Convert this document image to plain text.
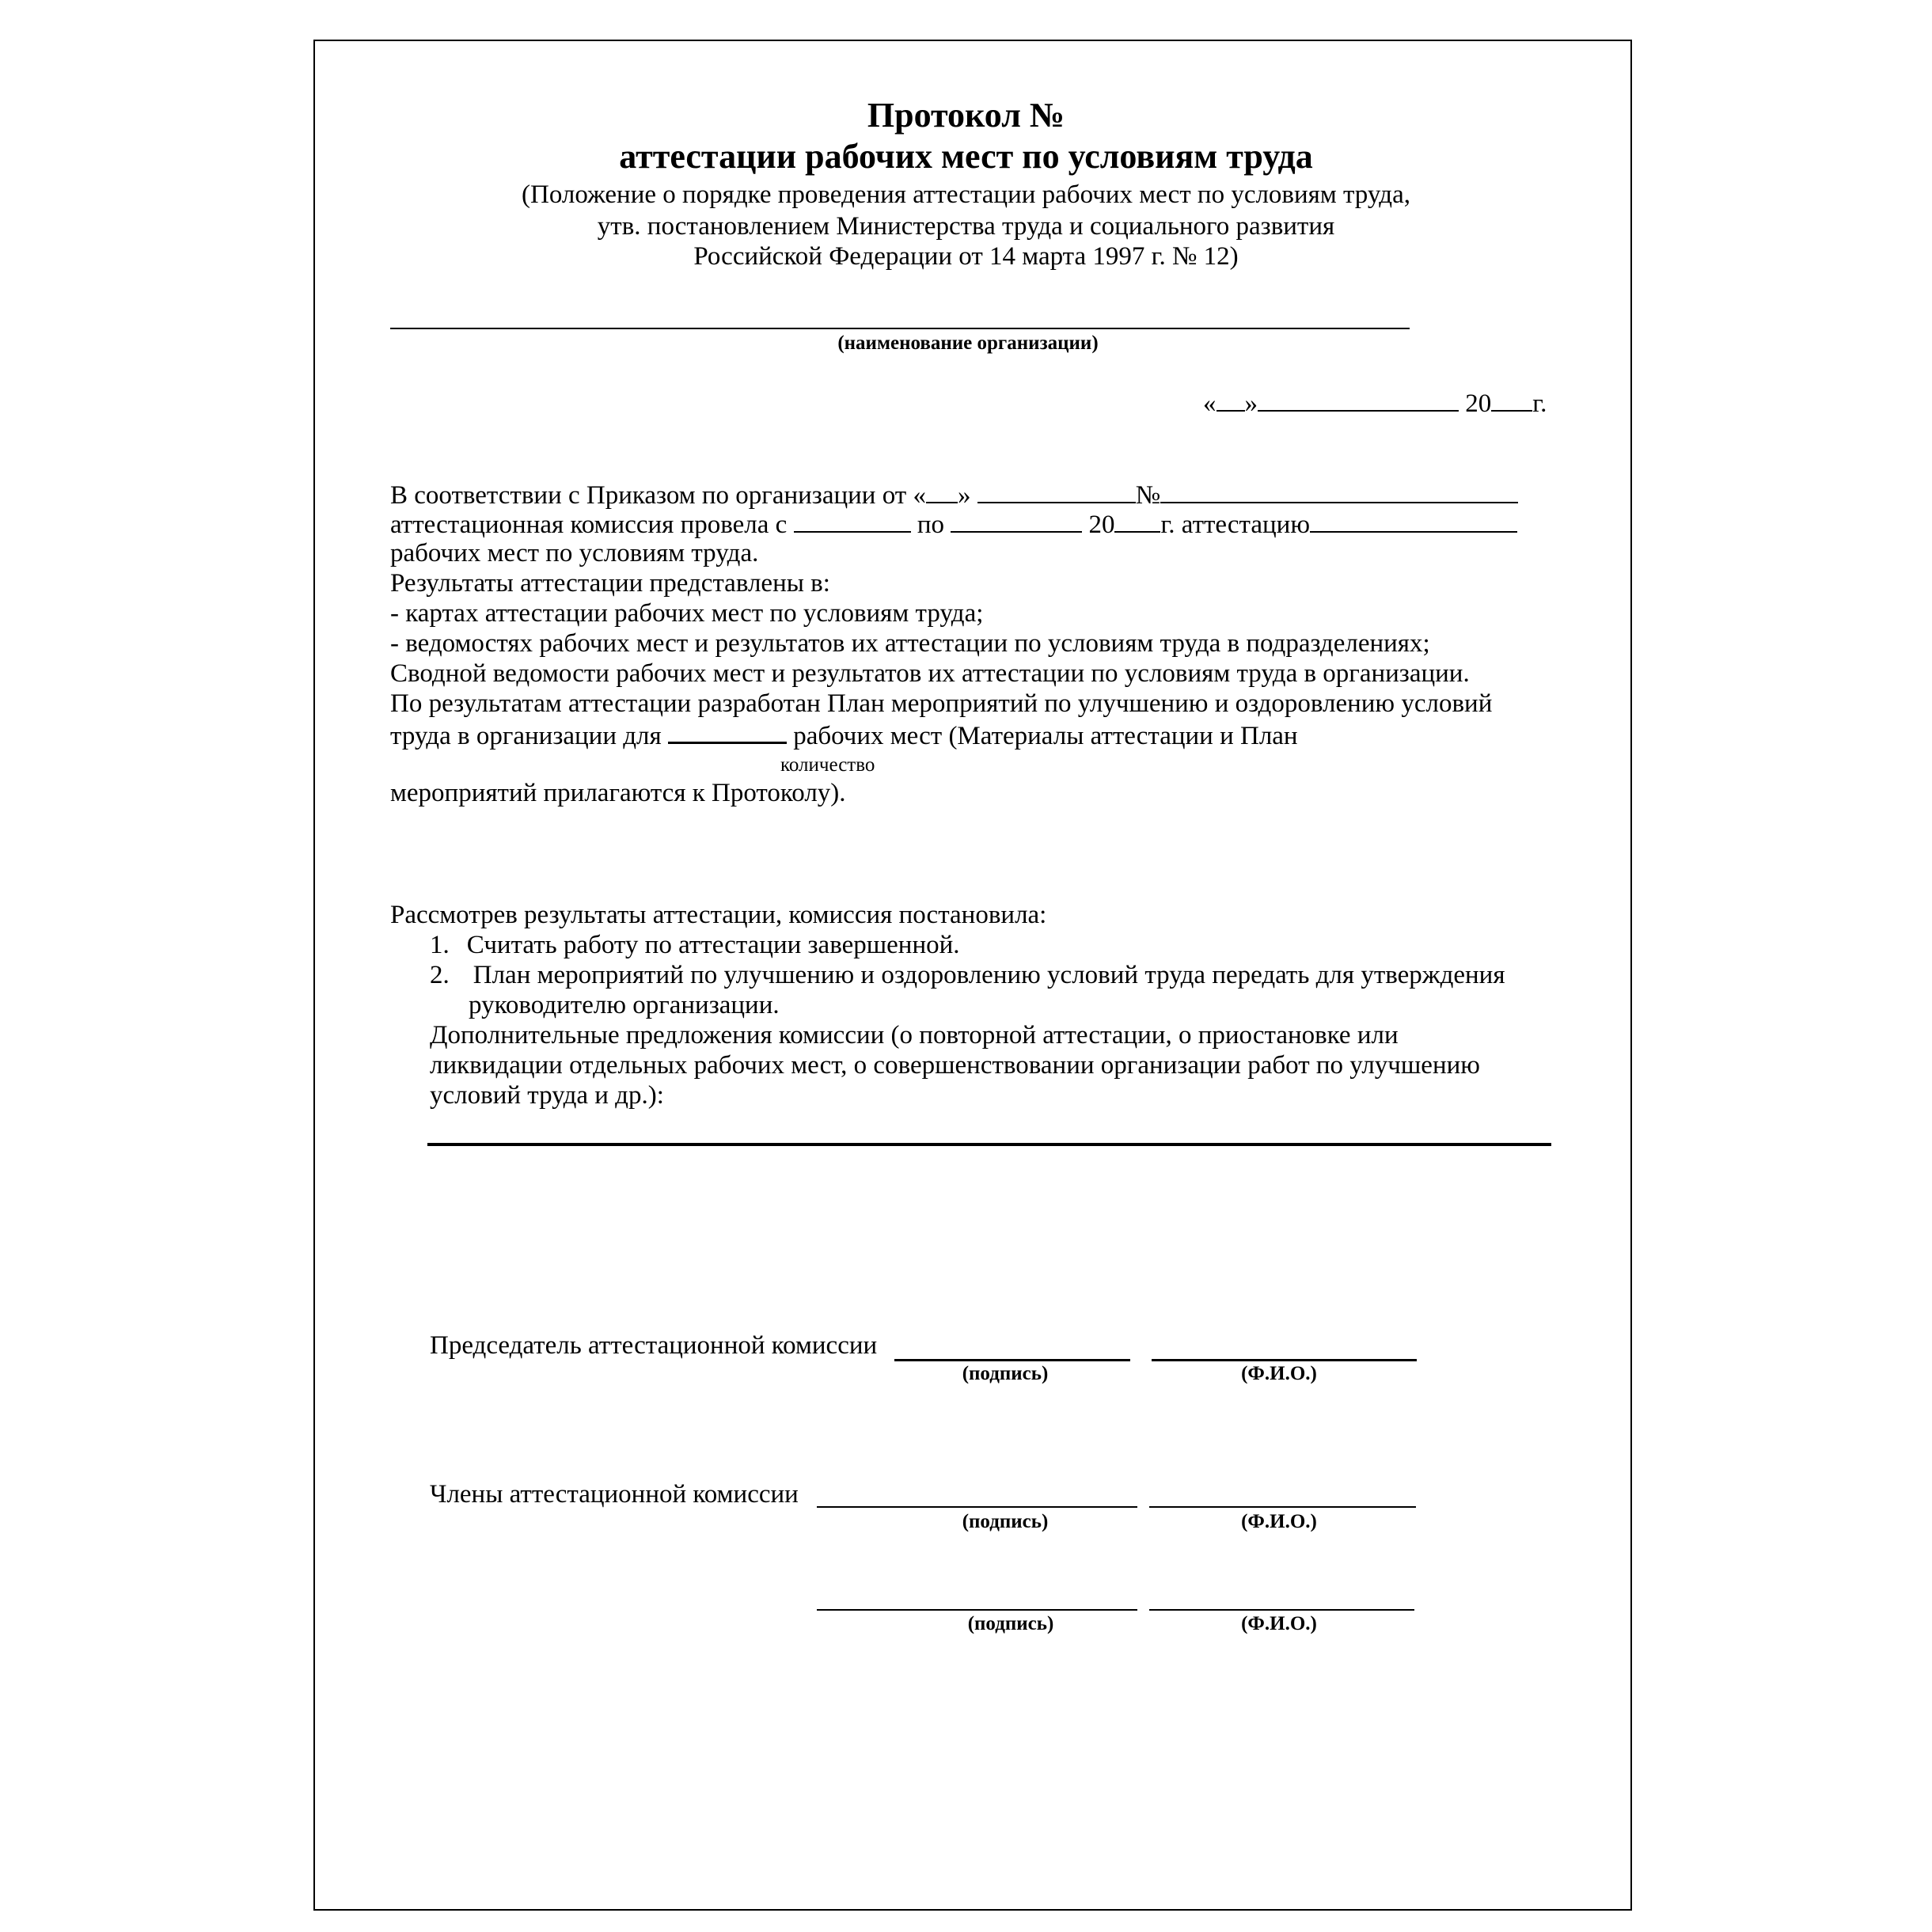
Протокол №
аттестации рабочих мест по условиям труда
(Положение о порядке проведения аттестации рабочих мест по условиям труда,
утв. постановлением Министерства труда и социального развития
Российской Федерации от 14 марта 1997 г. № 12)
(наименование организации)
« »	20 г.
В соответствии с Приказом по организации от « »	№
аттестационная комиссия провела с	по	20 г. аттестацию
рабочих мест по условиям труда.
Результаты аттестации представлены в:
- картах аттестации рабочих мест по условиям труда;
- ведомостях рабочих мест и результатов их аттестации по условиям труда в подразделениях;
Сводной ведомости рабочих мест и результатов их аттестации по условиям труда в организации.
По результатам аттестации разработан План мероприятий по улучшению и оздоровлению условий
труда в организации для	рабочих мест (Материалы аттестации и План
количество
мероприятий прилагаются к Протоколу).
Рассмотрев результаты аттестации, комиссия постановила:
1. Считать работу по аттестации завершенной.
2. План мероприятий по улучшению и оздоровлению условий труда передать для утверждения
руководителю организации.
Дополнительные предложения комиссии (о повторной аттестации, о приостановке или
ликвидации отдельных рабочих мест, о совершенствовании организации работ по улучшению
условий труда и др.):
Председатель аттестационной комиссии
(подпись)	(Ф.И.О.)
Члены аттестационной комиссии
(подпись)	(Ф.И.О.)
(подпись)	(Ф.И.О.)
